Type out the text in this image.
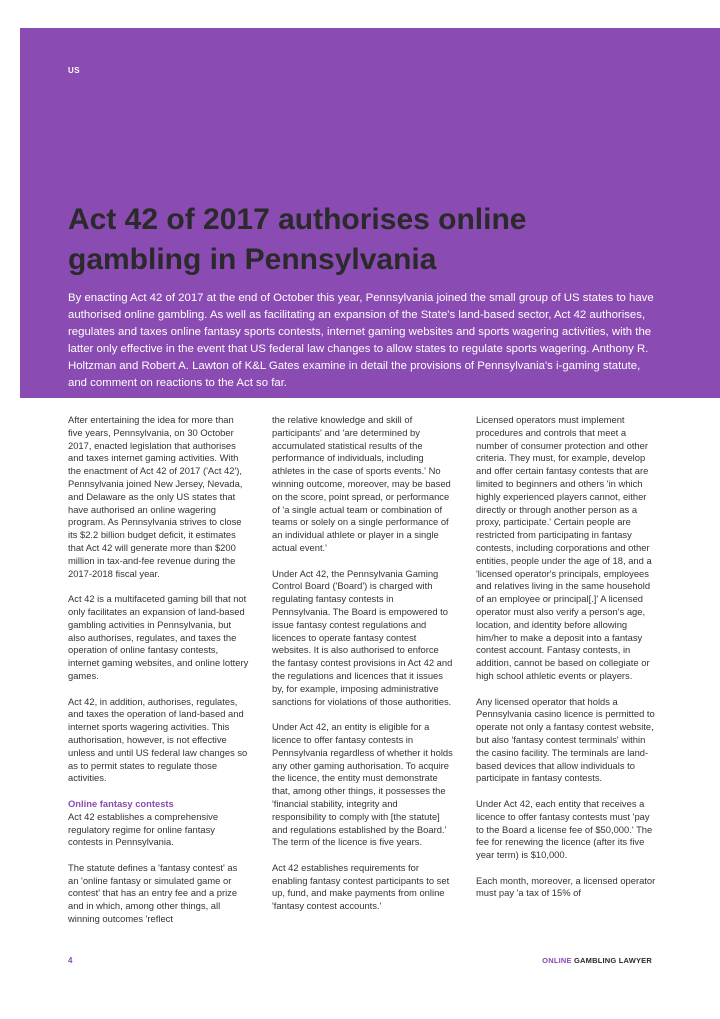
US
Act 42 of 2017 authorises online gambling in Pennsylvania

By enacting Act 42 of 2017 at the end of October this year, Pennsylvania joined the small group of US states to have authorised online gambling. As well as facilitating an expansion of the State's land-based sector, Act 42 authorises, regulates and taxes online fantasy sports contests, internet gaming websites and sports wagering activities, with the latter only effective in the event that US federal law changes to allow states to regulate sports wagering. Anthony R. Holtzman and Robert A. Lawton of K&L Gates examine in detail the provisions of Pennsylvania's i-gaming statute, and comment on reactions to the Act so far.

After entertaining the idea for more than five years, Pennsylvania, on 30 October 2017, enacted legislation that authorises and taxes internet gaming activities. With the enactment of Act 42 of 2017 ('Act 42'), Pennsylvania joined New Jersey, Nevada, and Delaware as the only US states that have authorised an online wagering program. As Pennsylvania strives to close its $2.2 billion budget deficit, it estimates that Act 42 will generate more than $200 million in tax-and-fee revenue during the 2017-2018 fiscal year.

Act 42 is a multifaceted gaming bill that not only facilitates an expansion of land-based gambling activities in Pennsylvania, but also authorises, regulates, and taxes the operation of online fantasy contests, internet gaming websites, and online lottery games.

Act 42, in addition, authorises, regulates, and taxes the operation of land-based and internet sports wagering activities. This authorisation, however, is not effective unless and until US federal law changes so as to permit states to regulate those activities.

Online fantasy contests

Act 42 establishes a comprehensive regulatory regime for online fantasy contests in Pennsylvania.

The statute defines a 'fantasy contest' as an 'online fantasy or simulated game or contest' that has an entry fee and a prize and in which, among other things, all winning outcomes 'reflect

the relative knowledge and skill of participants' and 'are determined by accumulated statistical results of the performance of individuals, including athletes in the case of sports events.' No winning outcome, moreover, may be based on the score, point spread, or performance of 'a single actual team or combination of teams or solely on a single performance of an individual athlete or player in a single actual event.'

Under Act 42, the Pennsylvania Gaming Control Board ('Board') is charged with regulating fantasy contests in Pennsylvania. The Board is empowered to issue fantasy contest regulations and licences to operate fantasy contest websites. It is also authorised to enforce the fantasy contest provisions in Act 42 and the regulations and licences that it issues by, for example, imposing administrative sanctions for violations of those authorities.

Under Act 42, an entity is eligible for a licence to offer fantasy contests in Pennsylvania regardless of whether it holds any other gaming authorisation. To acquire the licence, the entity must demonstrate that, among other things, it possesses the 'financial stability, integrity and responsibility to comply with [the statute] and regulations established by the Board.' The term of the licence is five years.

Act 42 establishes requirements for enabling fantasy contest participants to set up, fund, and make payments from online 'fantasy contest accounts.'

Licensed operators must implement procedures and controls that meet a number of consumer protection and other criteria. They must, for example, develop and offer certain fantasy contests that are limited to beginners and others 'in which highly experienced players cannot, either directly or through another person as a proxy, participate.' Certain people are restricted from participating in fantasy contests, including corporations and other entities, people under the age of 18, and a 'licensed operator's principals, employees and relatives living in the same household of an employee or principal[.]' A licensed operator must also verify a person's age, location, and identity before allowing him/her to make a deposit into a fantasy contest account. Fantasy contests, in addition, cannot be based on collegiate or high school athletic events or players.

Any licensed operator that holds a Pennsylvania casino licence is permitted to operate not only a fantasy contest website, but also 'fantasy contest terminals' within the casino facility. The terminals are land-based devices that allow individuals to participate in fantasy contests.

Under Act 42, each entity that receives a licence to offer fantasy contests must 'pay to the Board a license fee of $50,000.' The fee for renewing the licence (after its five year term) is $10,000.

Each month, moreover, a licensed operator must pay 'a tax of 15% of

4	ONLINE GAMBLING LAWYER
